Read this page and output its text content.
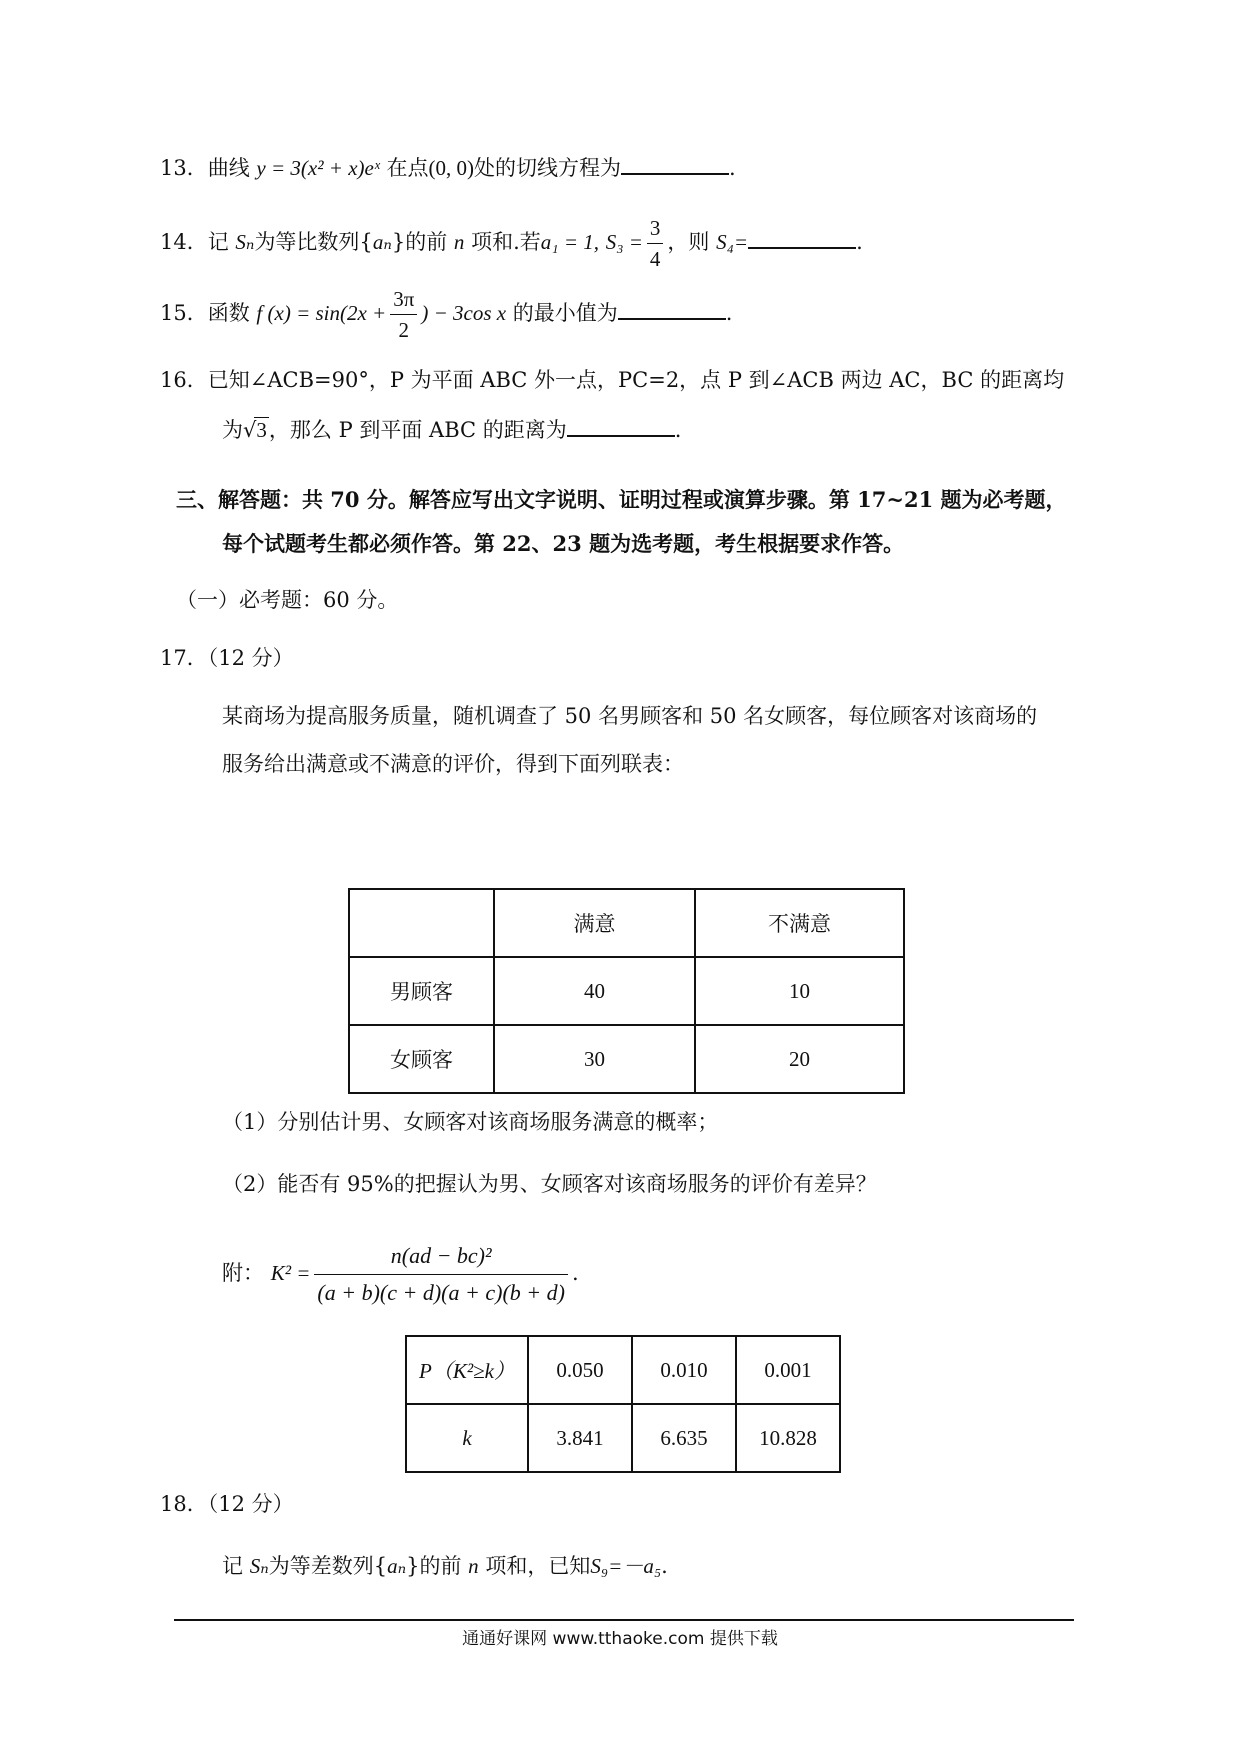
13．曲线 y = 3(x² + x)eˣ 在点(0, 0)处的切线方程为	.
14．记 Sₙ为等比数列{aₙ}的前 n 项和.若a₁ = 1, $S_3 = \frac{3}{4}$ ，则 S₄=	.
15．函数 f $(x) = \sin(2x + \frac{3\pi}{2}$ ) − 3cos x 的最小值为	.
16．已知∠ACB=90°，P 为平面 ABC 外一点，PC=2，点 P 到∠ACB 两边 AC，BC 的距离均
为√3，那么 P 到平面 ABC 的距离为	.
三、解答题：共 70 分。解答应写出文字说明、证明过程或演算步骤。第 17~21 题为必考题，
每个试题考生都必须作答。第 22、23 题为选考题，考生根据要求作答。
（一）必考题：60 分。
17．（12 分）
某商场为提高服务质量，随机调查了 50 名男顾客和 50 名女顾客，每位顾客对该商场的
服务给出满意或不满意的评价，得到下面列联表：
	满意	不满意
男顾客	40	10
女顾客	30	20
（1）分别估计男、女顾客对该商场服务满意的概率；
（2）能否有 95%的把握认为男、女顾客对该商场服务的评价有差异？
附： $K^2 = \frac{\text{n(ad − bc)²}}{(a + b)(c + d)(a + c)(b + d)}$ .
P（K²≥k）	0.050	0.010	0.001
k	3.841	6.635	10.828
18．（12 分）
记 Sₙ为等差数列{aₙ}的前 n 项和，已知S₉=－a₅.
通通好课网 www.tthaoke.com 提供下载
